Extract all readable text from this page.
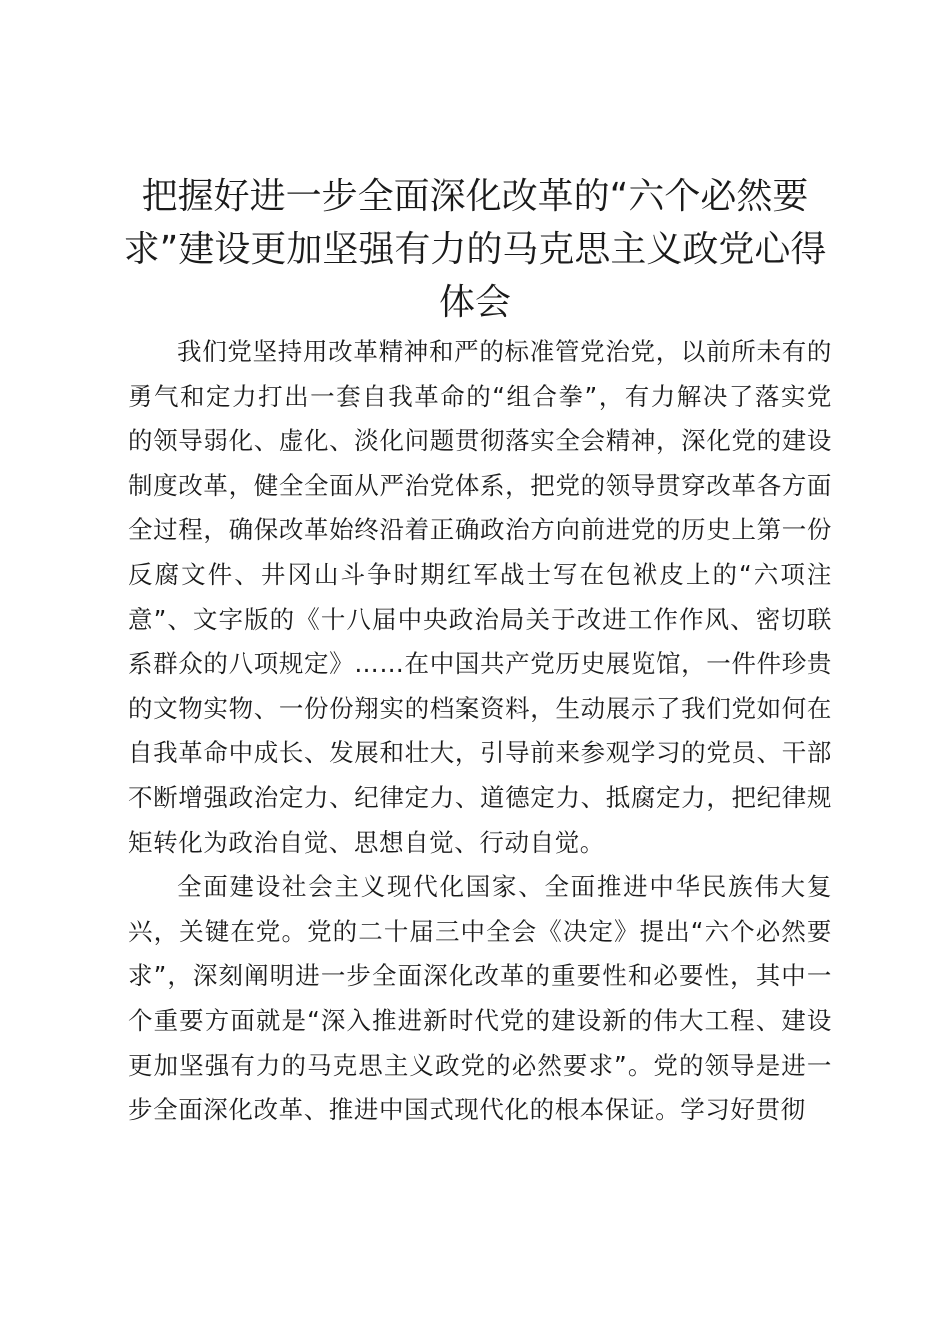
把握好进一步全面深化改革的“六个必然要求”建设更加坚强有力的马克思主义政党心得体会

我们党坚持用改革精神和严的标准管党治党，以前所未有的勇气和定力打出一套自我革命的“组合拳”，有力解决了落实党的领导弱化、虚化、淡化问题贯彻落实全会精神，深化党的建设制度改革，健全全面从严治党体系，把党的领导贯穿改革各方面全过程，确保改革始终沿着正确政治方向前进党的历史上第一份反腐文件、井冈山斗争时期红军战士写在包袱皮上的“六项注意”、文字版的《十八届中央政治局关于改进工作作风、密切联系群众的八项规定》……在中国共产党历史展览馆，一件件珍贵的文物实物、一份份翔实的档案资料，生动展示了我们党如何在自我革命中成长、发展和壮大，引导前来参观学习的党员、干部不断增强政治定力、纪律定力、道德定力、抵腐定力，把纪律规矩转化为政治自觉、思想自觉、行动自觉。

全面建设社会主义现代化国家、全面推进中华民族伟大复兴，关键在党。党的二十届三中全会《决定》提出“六个必然要求”，深刻阐明进一步全面深化改革的重要性和必要性，其中一个重要方面就是“深入推进新时代党的建设新的伟大工程、建设更加坚强有力的马克思主义政党的必然要求”。党的领导是进一步全面深化改革、推进中国式现代化的根本保证。学习好贯彻
